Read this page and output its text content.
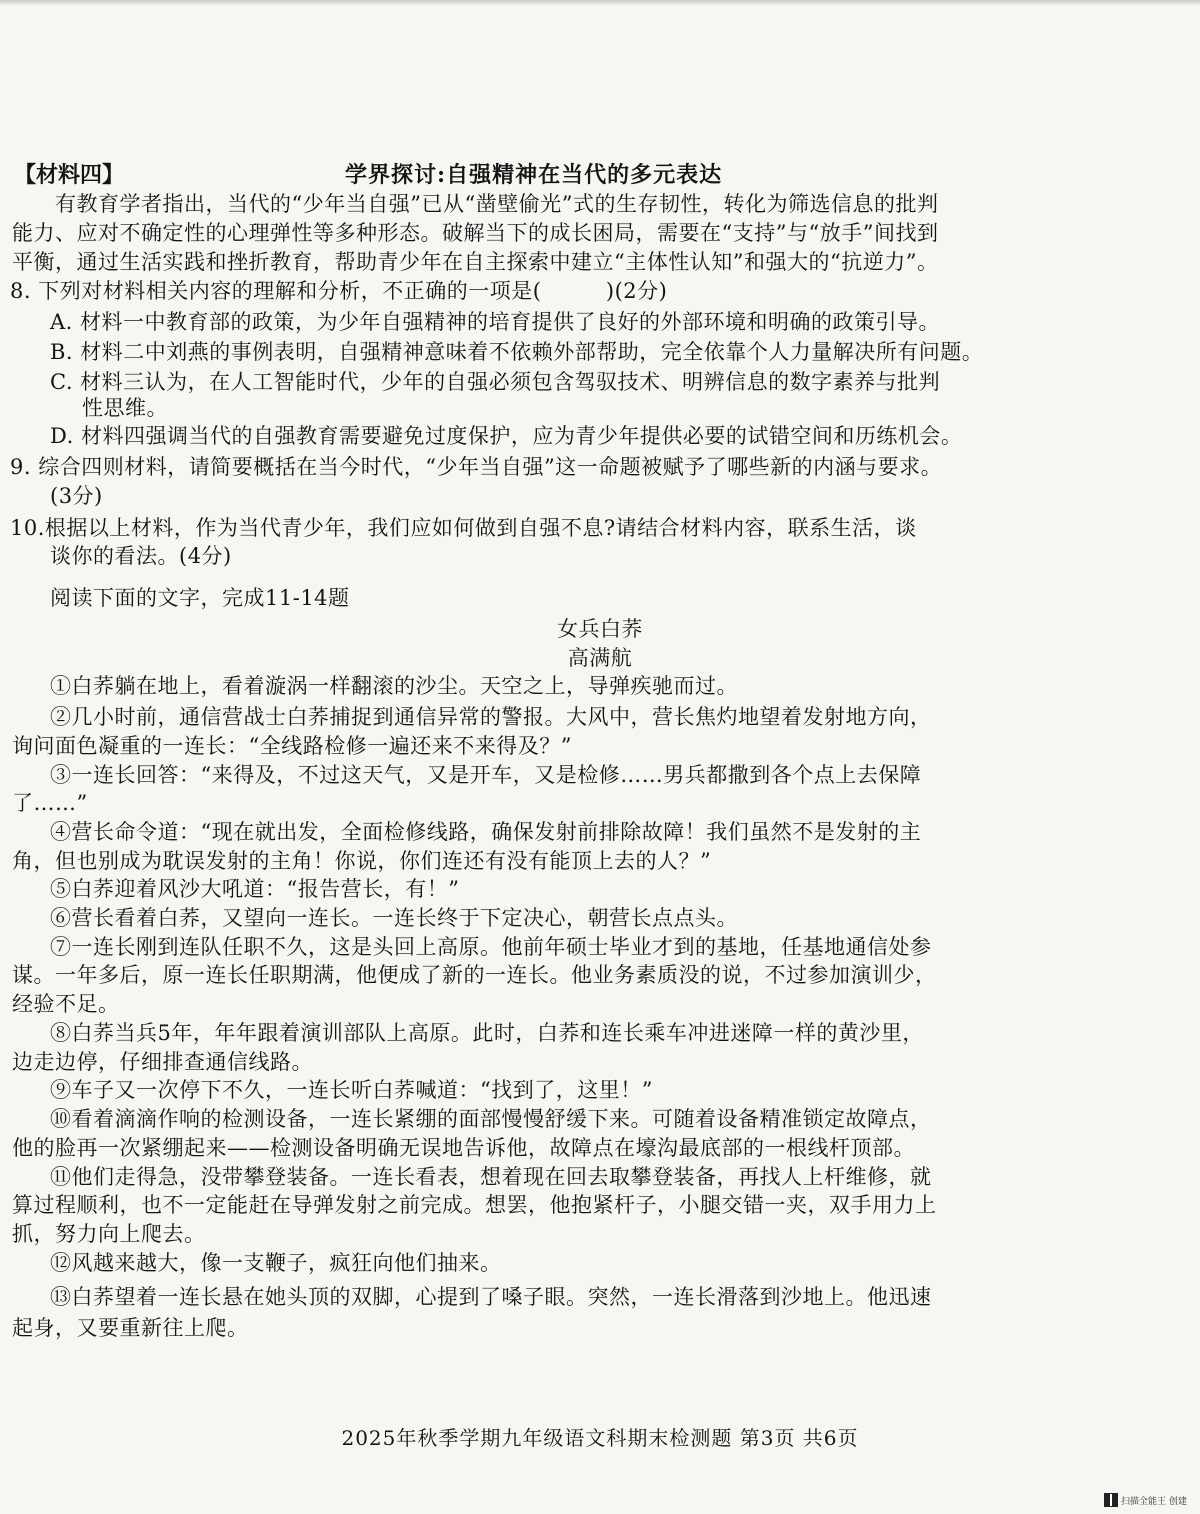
【材料四】	学界探讨:自强精神在当代的多元表达
有教育学者指出，当代的“少年当自强”已从“凿壁偷光”式的生存韧性，转化为筛选信息的批判
能力、应对不确定性的心理弹性等多种形态。破解当下的成长困局，需要在“支持”与“放手”间找到
平衡，通过生活实践和挫折教育，帮助青少年在自主探索中建立“主体性认知”和强大的“抗逆力”。
8. 下列对材料相关内容的理解和分析，不正确的一项是(　　　)(2分)
A. 材料一中教育部的政策，为少年自强精神的培育提供了良好的外部环境和明确的政策引导。
B. 材料二中刘燕的事例表明，自强精神意味着不依赖外部帮助，完全依靠个人力量解决所有问题。
C. 材料三认为，在人工智能时代，少年的自强必须包含驾驭技术、明辨信息的数字素养与批判
性思维。
D. 材料四强调当代的自强教育需要避免过度保护，应为青少年提供必要的试错空间和历练机会。
9. 综合四则材料，请简要概括在当今时代，“少年当自强”这一命题被赋予了哪些新的内涵与要求。
(3分)
10.根据以上材料，作为当代青少年，我们应如何做到自强不息?请结合材料内容，联系生活，谈
谈你的看法。(4分)
阅读下面的文字，完成11-14题
女兵白荞
高满航
①白荞躺在地上，看着漩涡一样翻滚的沙尘。天空之上，导弹疾驰而过。
②几小时前，通信营战士白荞捕捉到通信异常的警报。大风中，营长焦灼地望着发射地方向，
询问面色凝重的一连长：“全线路检修一遍还来不来得及？”
③一连长回答：“来得及，不过这天气，又是开车，又是检修……男兵都撒到各个点上去保障
了……”
④营长命令道：“现在就出发，全面检修线路，确保发射前排除故障！我们虽然不是发射的主
角，但也别成为耽误发射的主角！你说，你们连还有没有能顶上去的人？”
⑤白荞迎着风沙大吼道：“报告营长，有！”
⑥营长看着白荞，又望向一连长。一连长终于下定决心，朝营长点点头。
⑦一连长刚到连队任职不久，这是头回上高原。他前年硕士毕业才到的基地，任基地通信处参
谋。一年多后，原一连长任职期满，他便成了新的一连长。他业务素质没的说，不过参加演训少，
经验不足。
⑧白荞当兵5年，年年跟着演训部队上高原。此时，白荞和连长乘车冲进迷障一样的黄沙里，
边走边停，仔细排查通信线路。
⑨车子又一次停下不久，一连长听白荞喊道：“找到了，这里！”
⑩看着滴滴作响的检测设备，一连长紧绷的面部慢慢舒缓下来。可随着设备精准锁定故障点，
他的脸再一次紧绷起来——检测设备明确无误地告诉他，故障点在壕沟最底部的一根线杆顶部。
⑪他们走得急，没带攀登装备。一连长看表，想着现在回去取攀登装备，再找人上杆维修，就
算过程顺利，也不一定能赶在导弹发射之前完成。想罢，他抱紧杆子，小腿交错一夹，双手用力上
抓，努力向上爬去。
⑫风越来越大，像一支鞭子，疯狂向他们抽来。
⑬白荞望着一连长悬在她头顶的双脚，心提到了嗓子眼。突然，一连长滑落到沙地上。他迅速
起身，又要重新往上爬。
2025年秋季学期九年级语文科期末检测题 第3页 共6页
扫描全能王 创建
